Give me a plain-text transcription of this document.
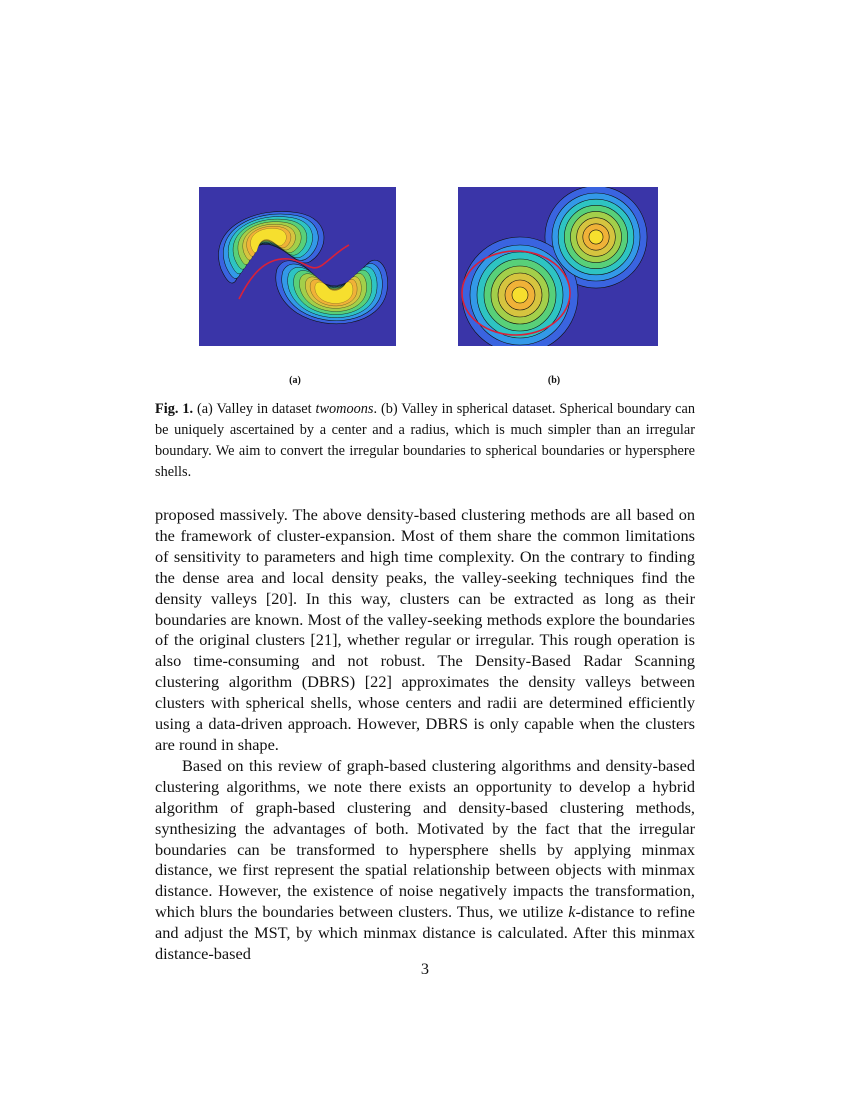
(a)	(b)
Fig. 1. (a) Valley in dataset twomoons. (b) Valley in spherical dataset. Spherical boundary can be uniquely ascertained by a center and a radius, which is much simpler than an irregular boundary. We aim to convert the irregular boundaries to spherical boundaries or hypersphere shells.

proposed massively. The above density-based clustering methods are all based on the framework of cluster-expansion. Most of them share the common limitations of sensitivity to parameters and high time complexity. On the contrary to finding the dense area and local density peaks, the valley-seeking techniques find the density valleys [20]. In this way, clusters can be extracted as long as their boundaries are known. Most of the valley-seeking methods explore the boundaries of the original clusters [21], whether regular or irregular. This rough operation is also time-consuming and not robust. The Density-Based Radar Scanning clustering algorithm (DBRS) [22] approximates the density valleys between clusters with spherical shells, whose centers and radii are determined efficiently using a data-driven approach. However, DBRS is only capable when the clusters are round in shape.

Based on this review of graph-based clustering algorithms and density-based clustering algorithms, we note there exists an opportunity to develop a hybrid algorithm of graph-based clustering and density-based clustering methods, synthesizing the advantages of both. Motivated by the fact that the irregular boundaries can be transformed to hypersphere shells by applying minmax distance, we first represent the spatial relationship between objects with minmax distance. However, the existence of noise negatively impacts the transformation, which blurs the boundaries between clusters. Thus, we utilize k-distance to refine and adjust the MST, by which minmax distance is calculated. After this minmax distance-based

3
